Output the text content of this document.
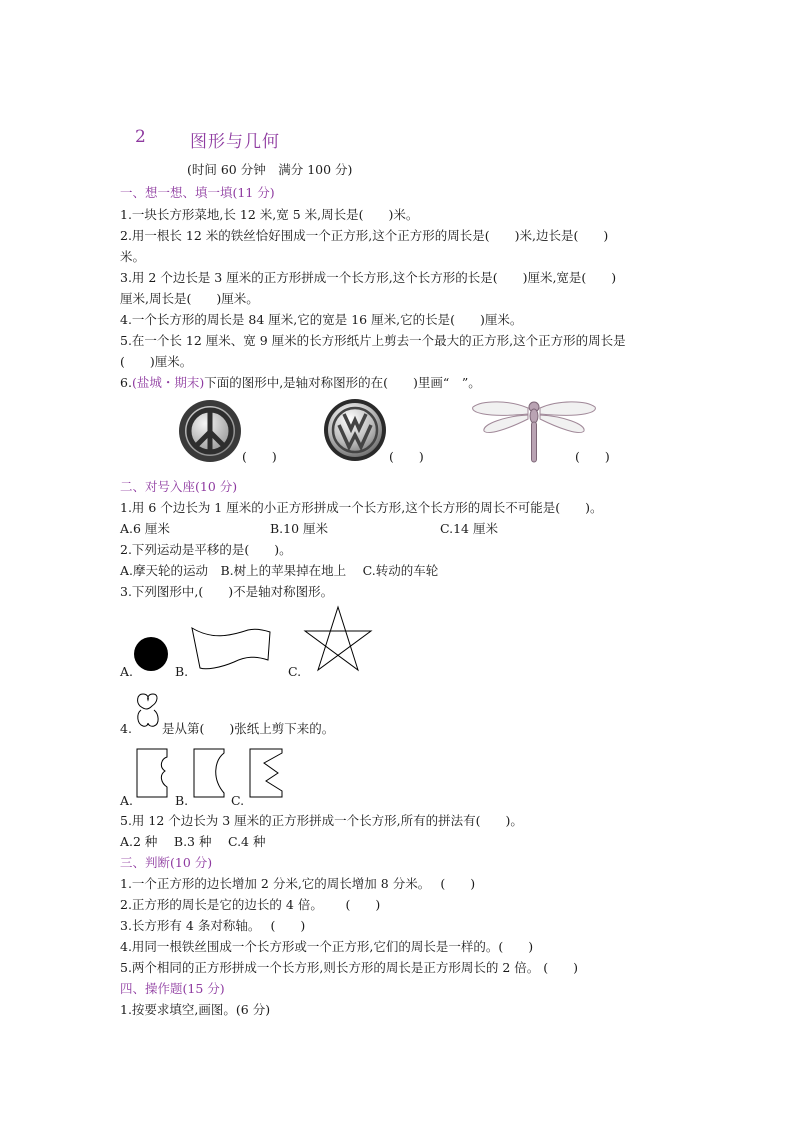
2	图形与几何
(时间 60 分钟　满分 100 分)
一、想一想、填一填(11 分)
1.一块长方形菜地,长 12 米,宽 5 米,周长是(　　)米。
2.用一根长 12 米的铁丝恰好围成一个正方形,这个正方形的周长是(　　)米,边长是(　　)
米。
3.用 2 个边长是 3 厘米的正方形拼成一个长方形,这个长方形的长是(　　)厘米,宽是(　　)
厘米,周长是(　　)厘米。
4.一个长方形的周长是 84 厘米,它的宽是 16 厘米,它的长是(　　)厘米。
5.在一个长 12 厘米、宽 9 厘米的长方形纸片上剪去一个最大的正方形,这个正方形的周长是
(　　)厘米。
6.(盐城・期末)下面的图形中,是轴对称图形的在(　　)里画“　”。
(　　)	(　　)	(　　)
二、对号入座(10 分)
1.用 6 个边长为 1 厘米的小正方形拼成一个长方形,这个长方形的周长不可能是(　　)。
A.6 厘米	B.10 厘米	C.14 厘米
2.下列运动是平移的是(　　)。
A.摩天轮的运动　B.树上的苹果掉在地上　 C.转动的车轮
3.下列图形中,(　　)不是轴对称图形。
A.	B.	C.
4. 是从第(　　)张纸上剪下来的。
A.	B.	C.
5.用 12 个边长为 3 厘米的正方形拼成一个长方形,所有的拼法有(　　)。
A.2 种　 B.3 种　 C.4 种
三、判断(10 分)
1.一个正方形的边长增加 2 分米,它的周长增加 8 分米。　 (　　)
2.正方形的周长是它的边长的 4 倍。　　 (　　)
3.长方形有 4 条对称轴。　 (　　)
4.用同一根铁丝围成一个长方形或一个正方形,它们的周长是一样的。(　　)
5.两个相同的正方形拼成一个长方形,则长方形的周长是正方形周长的 2 倍。 (　　)
四、操作题(15 分)
1.按要求填空,画图。(6 分)
